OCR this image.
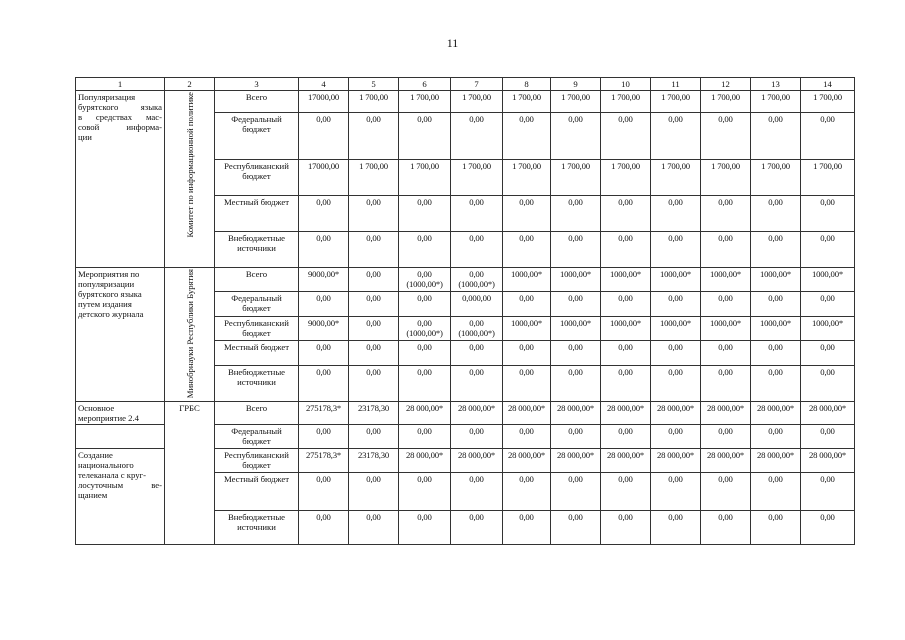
11
1	2	3	4	5	6	7	8	9	10	11	12	13	14

Популяризация
бурятского языка
в средствах мас-
совой информа-
ции	Комитет по информационной политике	Всего	17000,00	1 700,00	1 700,00	1 700,00	1 700,00	1 700,00	1 700,00	1 700,00	1 700,00	1 700,00	1 700,00
		Федеральный бюджет	0,00	0,00	0,00	0,00	0,00	0,00	0,00	0,00	0,00	0,00	0,00
		Республиканский бюджет	17000,00	1 700,00	1 700,00	1 700,00	1 700,00	1 700,00	1 700,00	1 700,00	1 700,00	1 700,00	1 700,00
		Местный бюджет	0,00	0,00	0,00	0,00	0,00	0,00	0,00	0,00	0,00	0,00	0,00
		Внебюджетные источники	0,00	0,00	0,00	0,00	0,00	0,00	0,00	0,00	0,00	0,00	0,00

Мероприятия по
популяризации
бурятского языка
путем издания
детского журнала	Минобрнауки Республики Бурятия	Всего	9000,00*	0,00	0,00 (1000,00*)	0,00 (1000,00*)	1000,00*	1000,00*	1000,00*	1000,00*	1000,00*	1000,00*	1000,00*
		Федеральный бюджет	0,00	0,00	0,00	0,000,00	0,00	0,00	0,00	0,00	0,00	0,00	0,00
		Республиканский бюджет	9000,00*	0,00	0,00 (1000,00*)	0,00 (1000,00*)	1000,00*	1000,00*	1000,00*	1000,00*	1000,00*	1000,00*	1000,00*
		Местный бюджет	0,00	0,00	0,00	0,00	0,00	0,00	0,00	0,00	0,00	0,00	0,00
		Внебюджетные источники	0,00	0,00	0,00	0,00	0,00	0,00	0,00	0,00	0,00	0,00	0,00
Основное мероприятие 2.4	ГРБС	Всего	275178,3*	23178,30	28 000,00*	28 000,00*	28 000,00*	28 000,00*	28 000,00*	28 000,00*	28 000,00*	28 000,00*	28 000,00*
		Федеральный бюджет	0,00	0,00	0,00	0,00	0,00	0,00	0,00	0,00	0,00	0,00	0,00

Создание
национального
телеканала с круг-
лосуточным ве-
щанием		Республиканский бюджет	275178,3*	23178,30	28 000,00*	28 000,00*	28 000,00*	28 000,00*	28 000,00*	28 000,00*	28 000,00*	28 000,00*	28 000,00*
		Местный бюджет	0,00	0,00	0,00	0,00	0,00	0,00	0,00	0,00	0,00	0,00	0,00
		Внебюджетные источники	0,00	0,00	0,00	0,00	0,00	0,00	0,00	0,00	0,00	0,00	0,00
